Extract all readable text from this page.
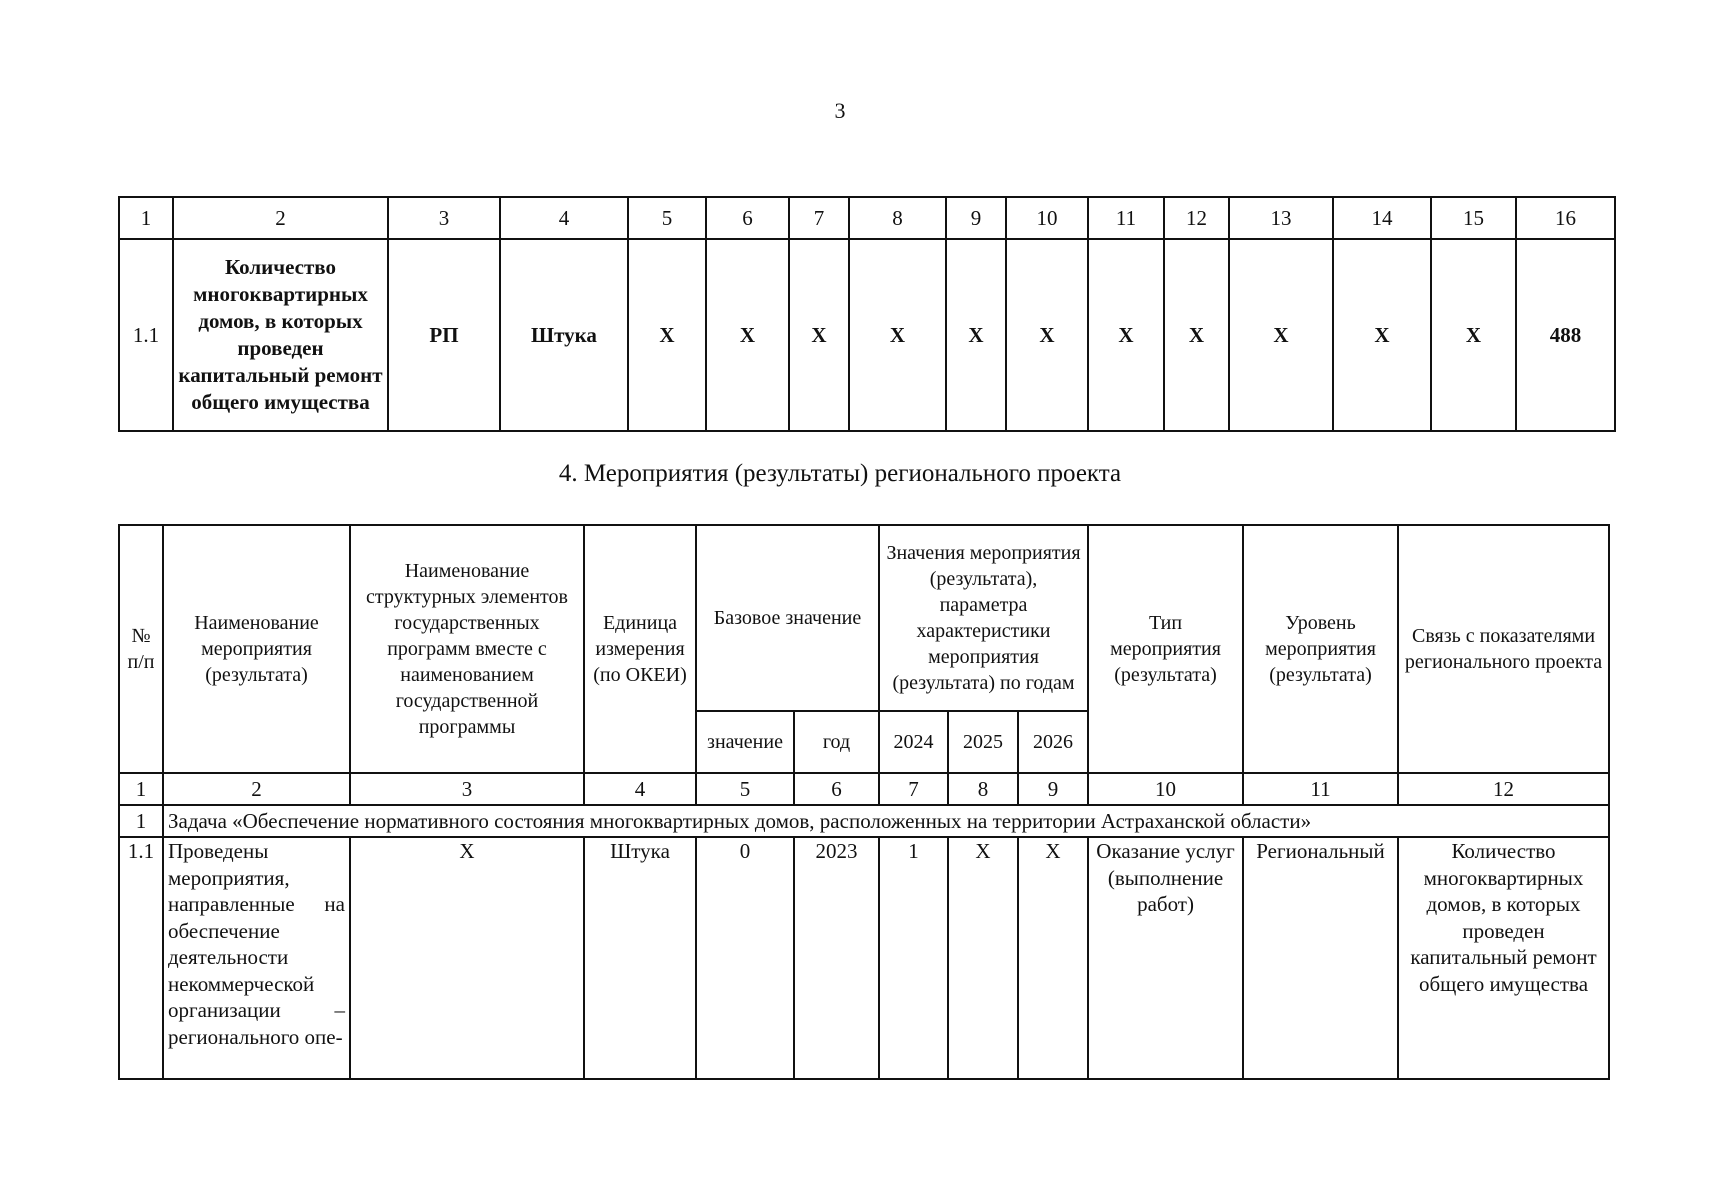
3
1	2	3	4	5	6	7	8	9	10	11	12	13	14	15	16
1.1	Количество многоквартирных домов, в которых проведен капитальный ремонт общего имущества	РП	Штука	X	X	X	X	X	X	X	X	X	X	X	488
4. Мероприятия (результаты) регионального проекта
№ п/п	Наименование мероприятия (результата)	Наименование структурных элементов государственных программ вместе с наименованием государственной программы	Единица измерения (по ОКЕИ)	Базовое значение		Значения мероприятия (результата), параметра характеристики мероприятия (результата) по годам			Тип мероприятия (результата)	Уровень мероприятия (результата)	Связь с показателями регионального проекта
				значение	год	2024	2025	2026			
1	2	3	4	5	6	7	8	9	10	11	12
1	Задача «Обеспечение нормативного состояния многоквартирных домов, расположенных на территории Астраханской области»										
1.1	Проведены мероприятия, направленные на обеспечение деятельности некоммерческой организации – регионального опе-	X	Штука	0	2023	1	X	X	Оказание услуг (выполнение работ)	Региональный	Количество многоквартирных домов, в которых проведен капитальный ремонт общего имущества
